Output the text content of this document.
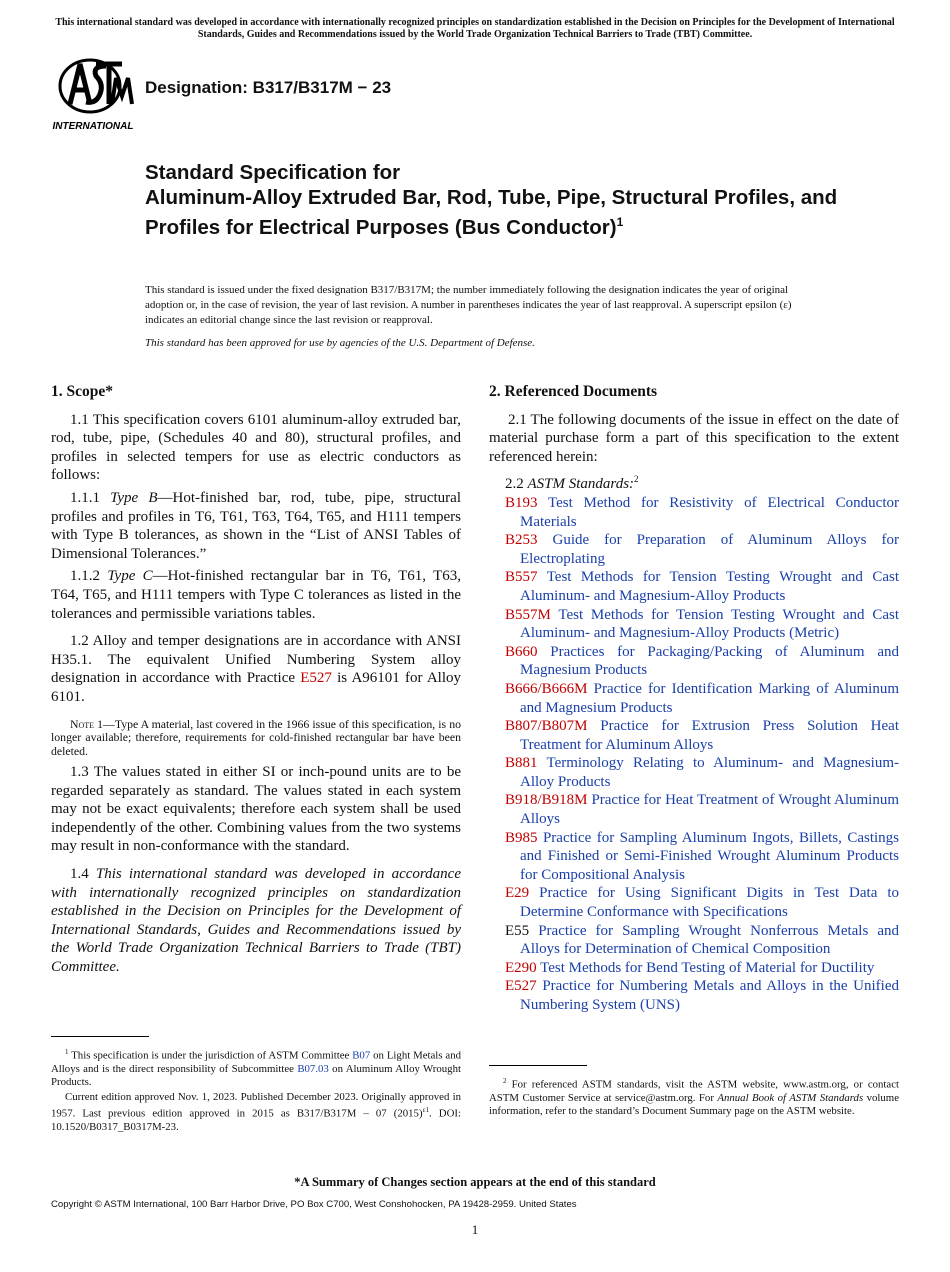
This international standard was developed in accordance with internationally recognized principles on standardization established in the Decision on Principles for the Development of International Standards, Guides and Recommendations issued by the World Trade Organization Technical Barriers to Trade (TBT) Committee.
INTERNATIONAL
Designation: B317/B317M − 23
Standard Specification for
Aluminum-Alloy Extruded Bar, Rod, Tube, Pipe, Structural Profiles, and Profiles for Electrical Purposes (Bus Conductor)$^1$
This standard is issued under the fixed designation B317/B317M; the number immediately following the designation indicates the year of original adoption or, in the case of revision, the year of last revision. A number in parentheses indicates the year of last reapproval. A superscript epsilon (ε) indicates an editorial change since the last revision or reapproval.
This standard has been approved for use by agencies of the U.S. Department of Defense.

1. Scope*

1.1 This specification covers 6101 aluminum-alloy extruded bar, rod, tube, pipe, (Schedules 40 and 80), structural profiles, and profiles in selected tempers for use as electric conductors as follows:

1.1.1 Type B—Hot-finished bar, rod, tube, pipe, structural profiles and profiles in T6, T61, T63, T64, T65, and H111 tempers with Type B tolerances, as shown in the “List of ANSI Tables of Dimensional Tolerances.”

1.1.2 Type C—Hot-finished rectangular bar in T6, T61, T63, T64, T65, and H111 tempers with Type C tolerances as listed in the tolerances and permissible variations tables.

1.2 Alloy and temper designations are in accordance with ANSI H35.1. The equivalent Unified Numbering System alloy designation in accordance with Practice E527 is A96101 for Alloy 6101.

Note 1—Type A material, last covered in the 1966 issue of this specification, is no longer available; therefore, requirements for cold-finished rectangular bar have been deleted.

1.3 The values stated in either SI or inch-pound units are to be regarded separately as standard. The values stated in each system may not be exact equivalents; therefore each system shall be used independently of the other. Combining values from the two systems may result in non-conformance with the standard.

1.4 This international standard was developed in accordance with internationally recognized principles on standardization established in the Decision on Principles for the Development of International Standards, Guides and Recommendations issued by the World Trade Organization Technical Barriers to Trade (TBT) Committee.

2. Referenced Documents

2.1 The following documents of the issue in effect on the date of material purchase form a part of this specification to the extent referenced herein:

2.2 ASTM Standards:$^2$

B193 Test Method for Resistivity of Electrical Conductor Materials

B253 Guide for Preparation of Aluminum Alloys for Electroplating

B557 Test Methods for Tension Testing Wrought and Cast Aluminum- and Magnesium-Alloy Products

B557M Test Methods for Tension Testing Wrought and Cast Aluminum- and Magnesium-Alloy Products (Metric)

B660 Practices for Packaging/Packing of Aluminum and Magnesium Products

B666/B666M Practice for Identification Marking of Aluminum and Magnesium Products

B807/B807M Practice for Extrusion Press Solution Heat Treatment for Aluminum Alloys

B881 Terminology Relating to Aluminum- and Magnesium-Alloy Products

B918/B918M Practice for Heat Treatment of Wrought Aluminum Alloys

B985 Practice for Sampling Aluminum Ingots, Billets, Castings and Finished or Semi-Finished Wrought Aluminum Products for Compositional Analysis

E29 Practice for Using Significant Digits in Test Data to Determine Conformance with Specifications

E55 Practice for Sampling Wrought Nonferrous Metals and Alloys for Determination of Chemical Composition

E290 Test Methods for Bend Testing of Material for Ductility

E527 Practice for Numbering Metals and Alloys in the Unified Numbering System (UNS)

$^1$ This specification is under the jurisdiction of ASTM Committee B07 on Light Metals and Alloys and is the direct responsibility of Subcommittee B07.03 on Aluminum Alloy Wrought Products.

Current edition approved Nov. 1, 2023. Published December 2023. Originally approved in 1957. Last previous edition approved in 2015 as B317/B317M – 07 $(2015)^{\varepsilon 1}$. DOI: 10.1520/B0317_B0317M-23.

$^2$ For referenced ASTM standards, visit the ASTM website, www.astm.org, or contact ASTM Customer Service at service@astm.org. For Annual Book of ASTM Standards volume information, refer to the standard’s Document Summary page on the ASTM website.

*A Summary of Changes section appears at the end of this standard
Copyright © ASTM International, 100 Barr Harbor Drive, PO Box C700, West Conshohocken, PA 19428-2959. United States
1
